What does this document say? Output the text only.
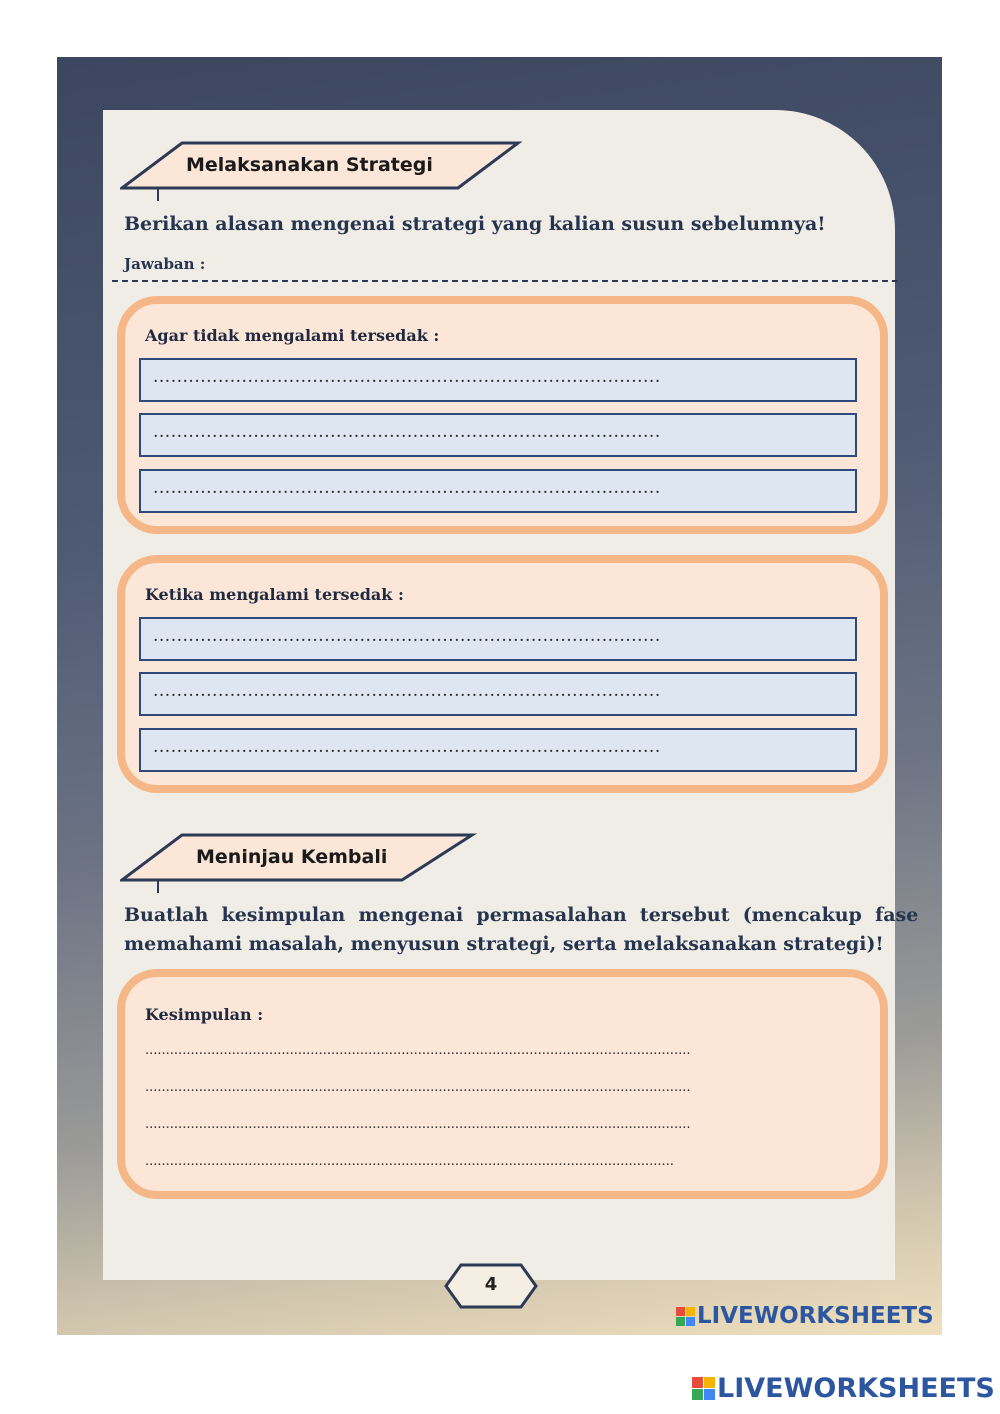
Melaksanakan Strategi
Berikan alasan mengenai strategi yang kalian susun sebelumnya!
Jawaban :
Agar tidak mengalami tersedak :
......................................................................................
......................................................................................
......................................................................................
Ketika mengalami tersedak :
......................................................................................
......................................................................................
......................................................................................
Meninjau Kembali
Buatlah  kesimpulan  mengenai  permasalahan  tersebut  (mencakup  fase
memahami masalah, menyusun strategi, serta melaksanakan strategi)!
Kesimpulan :
....................................................................................................................................
....................................................................................................................................
....................................................................................................................................
................................................................................................................................
4
LIVEWORKSHEETS
LIVEWORKSHEETS
